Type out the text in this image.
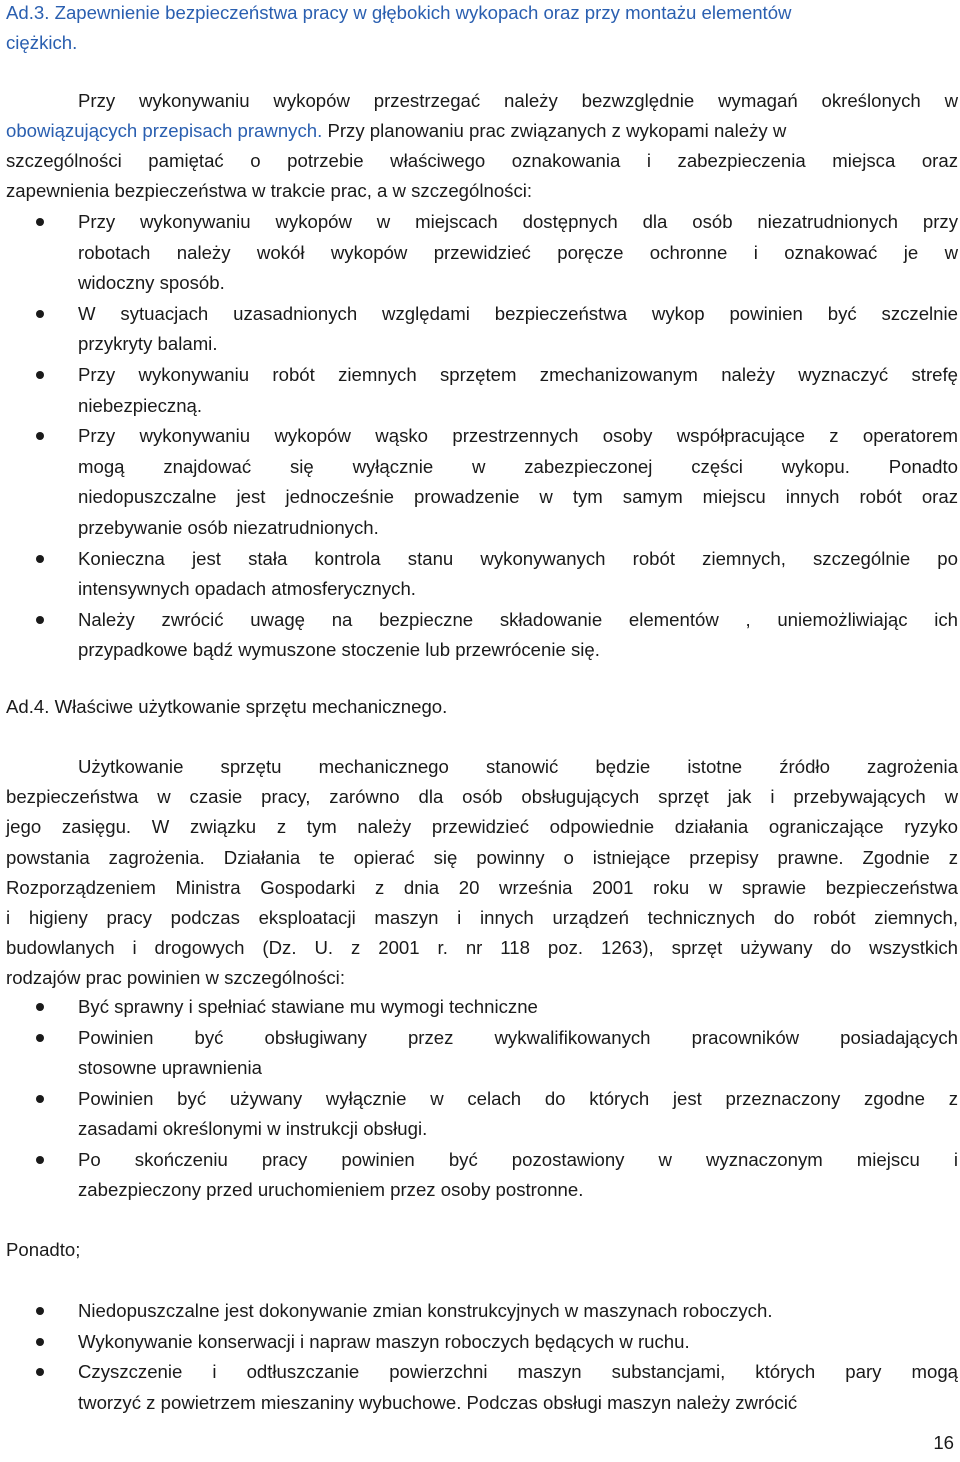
Ad.3. Zapewnienie bezpieczeństwa pracy w głębokich wykopach oraz przy montażu elementów
ciężkich.
Przy wykonywaniu wykopów przestrzegać należy bezwzględnie wymagań określonych w
obowiązujących przepisach prawnych. Przy planowaniu prac związanych z wykopami należy w
szczególności pamiętać o potrzebie właściwego oznakowania i zabezpieczenia miejsca oraz
zapewnienia bezpieczeństwa w trakcie prac, a w szczególności:
Przy wykonywaniu wykopów w miejscach dostępnych dla osób niezatrudnionych przy
robotach należy wokół wykopów przewidzieć poręcze ochronne i oznakować je w
widoczny sposób.
W sytuacjach uzasadnionych względami bezpieczeństwa wykop powinien być szczelnie
przykryty balami.
Przy wykonywaniu robót ziemnych sprzętem zmechanizowanym należy wyznaczyć strefę
niebezpieczną.
Przy wykonywaniu wykopów wąsko przestrzennych osoby współpracujące z operatorem
mogą znajdować się wyłącznie w zabezpieczonej części wykopu. Ponadto
niedopuszczalne jest jednocześnie prowadzenie w tym samym miejscu innych robót oraz
przebywanie osób niezatrudnionych.
Konieczna jest stała kontrola stanu wykonywanych robót ziemnych, szczególnie po
intensywnych opadach atmosferycznych.
Należy zwrócić uwagę na bezpieczne składowanie elementów , uniemożliwiając ich
przypadkowe bądź wymuszone stoczenie lub przewrócenie się.
Ad.4. Właściwe użytkowanie sprzętu mechanicznego.
Użytkowanie sprzętu mechanicznego stanowić będzie istotne źródło zagrożenia
bezpieczeństwa w czasie pracy, zarówno dla osób obsługujących sprzęt jak i przebywających w
jego zasięgu. W związku z tym należy przewidzieć odpowiednie działania ograniczające ryzyko
powstania zagrożenia. Działania te opierać się powinny o istniejące przepisy prawne. Zgodnie z
Rozporządzeniem Ministra Gospodarki z dnia 20 września 2001 roku w sprawie bezpieczeństwa
i higieny pracy podczas eksploatacji maszyn i innych urządzeń technicznych do robót ziemnych,
budowlanych i drogowych (Dz. U. z 2001 r. nr 118 poz. 1263), sprzęt używany do wszystkich
rodzajów prac powinien w szczególności:
Być sprawny i spełniać stawiane mu wymogi techniczne
Powinien być obsługiwany przez wykwalifikowanych pracowników posiadających
stosowne uprawnienia
Powinien być używany wyłącznie w celach do których jest przeznaczony zgodne z
zasadami określonymi w instrukcji obsługi.
Po skończeniu pracy powinien być pozostawiony w wyznaczonym miejscu i
zabezpieczony przed uruchomieniem przez osoby postronne.
Ponadto;
Niedopuszczalne jest dokonywanie zmian konstrukcyjnych w maszynach roboczych.
Wykonywanie konserwacji i napraw maszyn roboczych będących w ruchu.
Czyszczenie i odtłuszczanie powierzchni maszyn substancjami, których pary mogą
tworzyć z powietrzem mieszaniny wybuchowe. Podczas obsługi maszyn należy zwrócić
16
